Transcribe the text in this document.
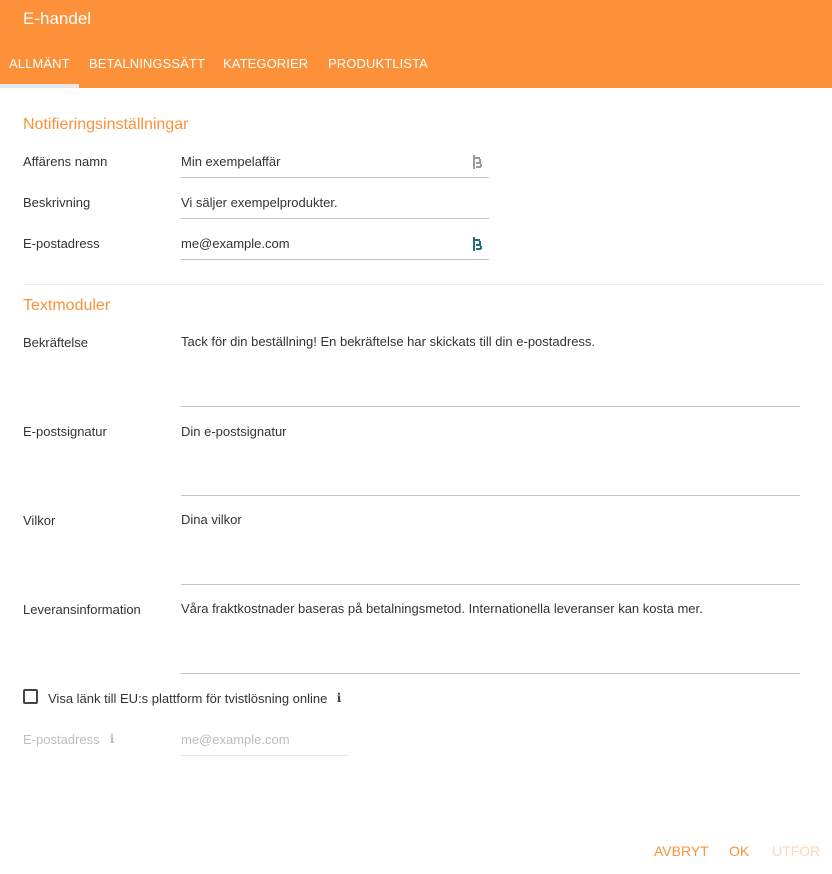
E-handel
ALLMÄNT BETALNINGSSÄTT KATEGORIER PRODUKTLISTA
Notifieringsinställningar
Affärens namn	Min exempelaffär
Beskrivning	Vi säljer exempelprodukter.
E-postadress	me@example.com
Textmoduler
Bekräftelse	Tack för din beställning! En bekräftelse har skickats till din e-postadress.
E-postsignatur	Din e-postsignatur
Vilkor	Dina vilkor
Leveransinformation	Våra fraktkostnader baseras på betalningsmetod. Internationella leveranser kan kosta mer.
Visa länk till EU:s plattform för tvistlösning online i
E-postadress i	me@example.com
AVBRYT OK UTFÖR
